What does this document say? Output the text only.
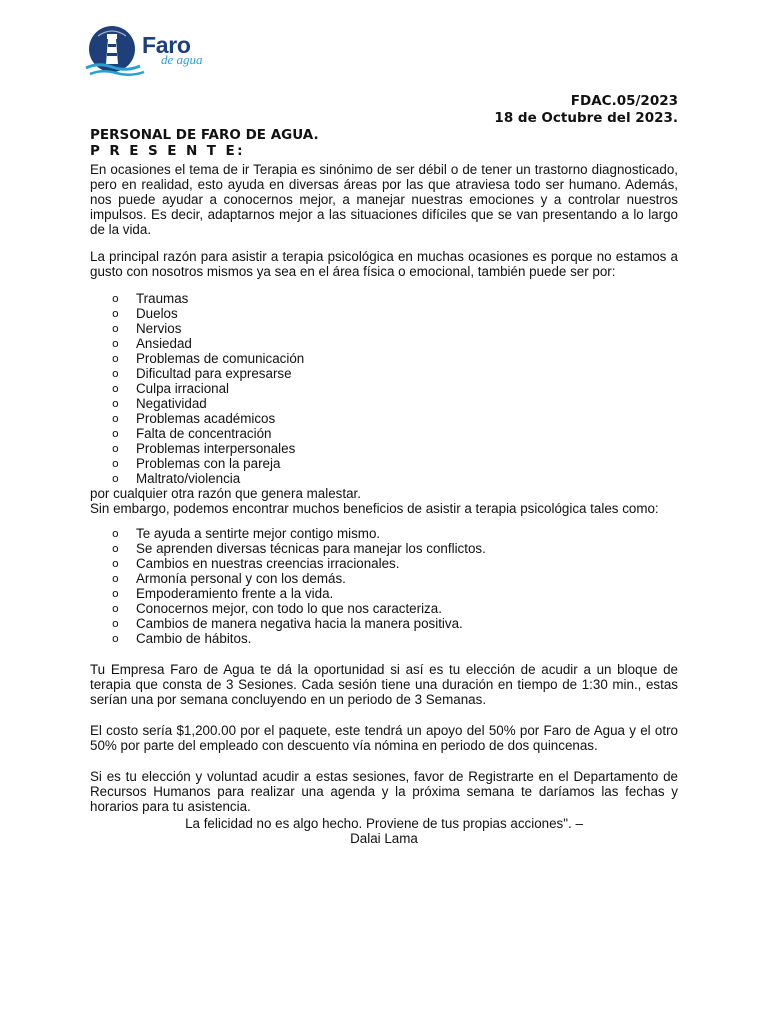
Faro
de agua
FDAC.05/2023
18 de Octubre del 2023.
PERSONAL DE FARO DE AGUA.
P R E S E N T E:

En ocasiones el tema de ir Terapia es sinónimo de ser débil o de tener un trastorno diagnosticado, pero en realidad, esto ayuda en diversas áreas por las que atraviesa todo ser humano. Además, nos puede ayudar a conocernos mejor, a manejar nuestras emociones y a controlar nuestros impulsos. Es decir, adaptarnos mejor a las situaciones difíciles que se van presentando a lo largo de la vida.

La principal razón para asistir a terapia psicológica en muchas ocasiones es porque no estamos a gusto con nosotros mismos ya sea en el área física o emocional, también puede ser por:

o Traumas
o Duelos
o Nervios
o Ansiedad
o Problemas de comunicación
o Dificultad para expresarse
o Culpa irracional
o Negatividad
o Problemas académicos
o Falta de concentración
o Problemas interpersonales
o Problemas con la pareja
o Maltrato/violencia

por cualquier otra razón que genera malestar.

Sin embargo, podemos encontrar muchos beneficios de asistir a terapia psicológica tales como:

o Te ayuda a sentirte mejor contigo mismo.
o Se aprenden diversas técnicas para manejar los conflictos.
o Cambios en nuestras creencias irracionales.
o Armonía personal y con los demás.
o Empoderamiento frente a la vida.
o Conocernos mejor, con todo lo que nos caracteriza.
o Cambios de manera negativa hacia la manera positiva.
o Cambio de hábitos.

Tu Empresa Faro de Agua te dá la oportunidad si así es tu elección de acudir a un bloque de terapia que consta de 3 Sesiones. Cada sesión tiene una duración en tiempo de 1:30 min., estas serían una por semana concluyendo en un periodo de 3 Semanas.

El costo sería $1,200.00 por el paquete, este tendrá un apoyo del 50% por Faro de Agua y el otro 50% por parte del empleado con descuento vía nómina en periodo de dos quincenas.

Si es tu elección y voluntad acudir a estas sesiones, favor de Registrarte en el Departamento de Recursos Humanos para realizar una agenda y la próxima semana te daríamos las fechas y horarios para tu asistencia.

La felicidad no es algo hecho. Proviene de tus propias acciones". –

Dalai Lama
